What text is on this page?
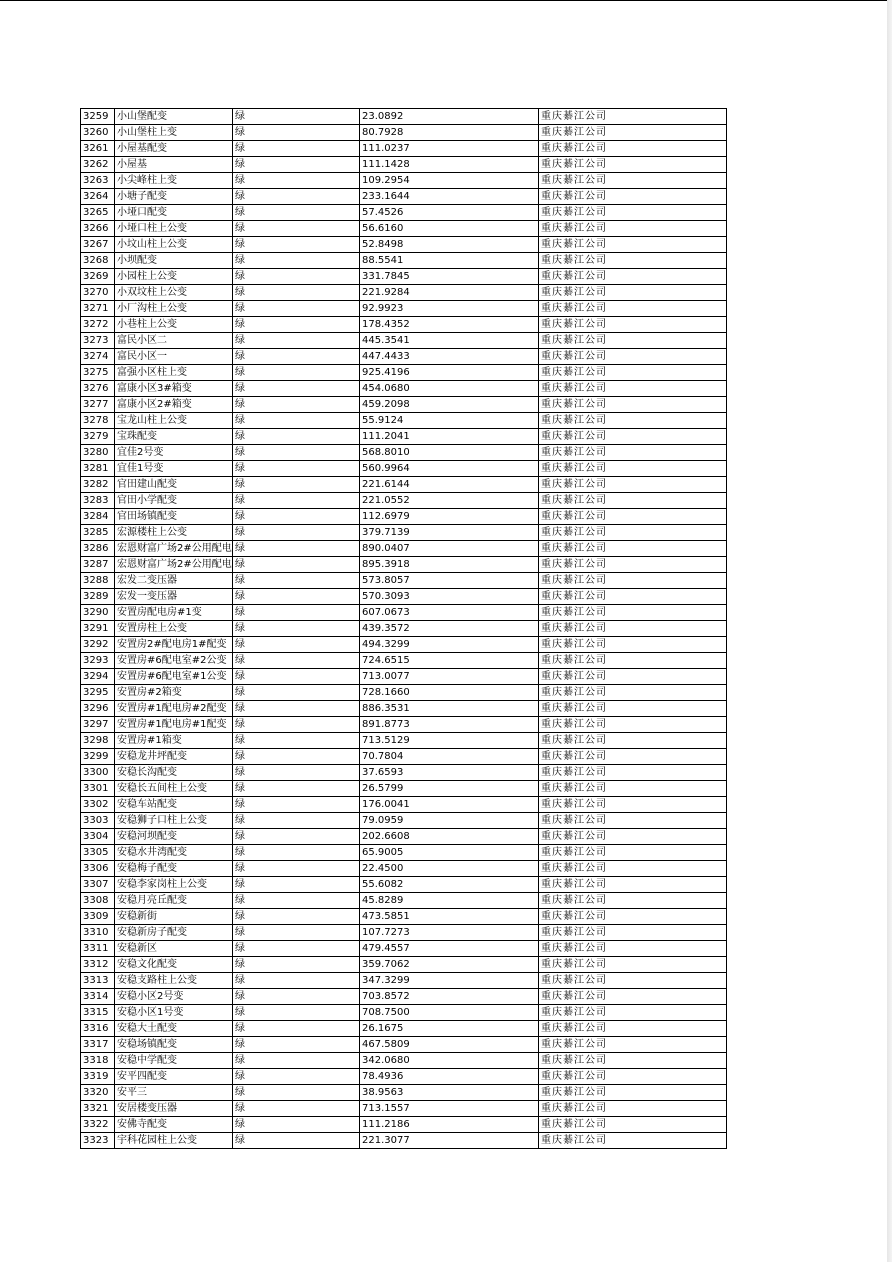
3259	小山堡配变	绿	23.0892	重庆綦江公司
3260	小山堡柱上变	绿	80.7928	重庆綦江公司
3261	小屋基配变	绿	111.0237	重庆綦江公司
3262	小屋基	绿	111.1428	重庆綦江公司
3263	小尖峰柱上变	绿	109.2954	重庆綦江公司
3264	小塘子配变	绿	233.1644	重庆綦江公司
3265	小垭口配变	绿	57.4526	重庆綦江公司
3266	小垭口柱上公变	绿	56.6160	重庆綦江公司
3267	小坟山柱上公变	绿	52.8498	重庆綦江公司
3268	小坝配变	绿	88.5541	重庆綦江公司
3269	小园柱上公变	绿	331.7845	重庆綦江公司
3270	小双坟柱上公变	绿	221.9284	重庆綦江公司
3271	小厂沟柱上公变	绿	92.9923	重庆綦江公司
3272	小巷柱上公变	绿	178.4352	重庆綦江公司
3273	富民小区二	绿	445.3541	重庆綦江公司
3274	富民小区一	绿	447.4433	重庆綦江公司
3275	富强小区柱上变	绿	925.4196	重庆綦江公司
3276	富康小区3#箱变	绿	454.0680	重庆綦江公司
3277	富康小区2#箱变	绿	459.2098	重庆綦江公司
3278	宝龙山柱上公变	绿	55.9124	重庆綦江公司
3279	宝珠配变	绿	111.2041	重庆綦江公司
3280	宜佳2号变	绿	568.8010	重庆綦江公司
3281	宜佳1号变	绿	560.9964	重庆綦江公司
3282	官田建山配变	绿	221.6144	重庆綦江公司
3283	官田小学配变	绿	221.0552	重庆綦江公司
3284	官田场镇配变	绿	112.6979	重庆綦江公司
3285	宏源楼柱上公变	绿	379.7139	重庆綦江公司
3286	宏恩财富广场2#公用配电	绿	890.0407	重庆綦江公司
3287	宏恩财富广场2#公用配电	绿	895.3918	重庆綦江公司
3288	宏发二变压器	绿	573.8057	重庆綦江公司
3289	宏发一变压器	绿	570.3093	重庆綦江公司
3290	安置房配电房#1变	绿	607.0673	重庆綦江公司
3291	安置房柱上公变	绿	439.3572	重庆綦江公司
3292	安置房2#配电房1#配变	绿	494.3299	重庆綦江公司
3293	安置房#6配电室#2公变	绿	724.6515	重庆綦江公司
3294	安置房#6配电室#1公变	绿	713.0077	重庆綦江公司
3295	安置房#2箱变	绿	728.1660	重庆綦江公司
3296	安置房#1配电房#2配变	绿	886.3531	重庆綦江公司
3297	安置房#1配电房#1配变	绿	891.8773	重庆綦江公司
3298	安置房#1箱变	绿	713.5129	重庆綦江公司
3299	安稳龙井坪配变	绿	70.7804	重庆綦江公司
3300	安稳长沟配变	绿	37.6593	重庆綦江公司
3301	安稳长五间柱上公变	绿	26.5799	重庆綦江公司
3302	安稳车站配变	绿	176.0041	重庆綦江公司
3303	安稳狮子口柱上公变	绿	79.0959	重庆綦江公司
3304	安稳河坝配变	绿	202.6608	重庆綦江公司
3305	安稳水井湾配变	绿	65.9005	重庆綦江公司
3306	安稳梅子配变	绿	22.4500	重庆綦江公司
3307	安稳李家岗柱上公变	绿	55.6082	重庆綦江公司
3308	安稳月亮丘配变	绿	45.8289	重庆綦江公司
3309	安稳新街	绿	473.5851	重庆綦江公司
3310	安稳新房子配变	绿	107.7273	重庆綦江公司
3311	安稳新区	绿	479.4557	重庆綦江公司
3312	安稳文化配变	绿	359.7062	重庆綦江公司
3313	安稳支路柱上公变	绿	347.3299	重庆綦江公司
3314	安稳小区2号变	绿	703.8572	重庆綦江公司
3315	安稳小区1号变	绿	708.7500	重庆綦江公司
3316	安稳大土配变	绿	26.1675	重庆綦江公司
3317	安稳场镇配变	绿	467.5809	重庆綦江公司
3318	安稳中学配变	绿	342.0680	重庆綦江公司
3319	安平四配变	绿	78.4936	重庆綦江公司
3320	安平三	绿	38.9563	重庆綦江公司
3321	安居楼变压器	绿	713.1557	重庆綦江公司
3322	安佛寺配变	绿	111.2186	重庆綦江公司
3323	宇科花园柱上公变	绿	221.3077	重庆綦江公司
